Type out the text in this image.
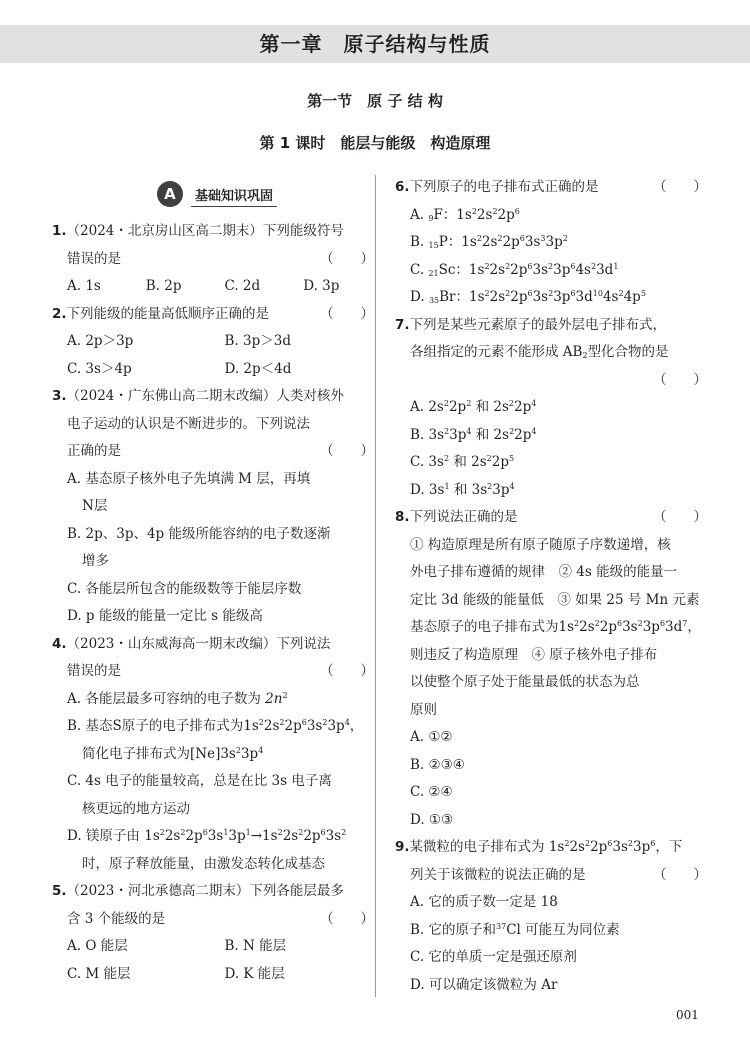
第一章　原子结构与性质
第一节　原 子 结 构
第 1 课时　能层与能级　构造原理
A	基础知识巩固
1.（2024・北京房山区高二期末）下列能级符号
错误的是	（　　）
A. 1s	B. 2p	C. 2d	D. 3p
2.下列能级的能量高低顺序正确的是	（　　）
A. 2p＞3p	B. 3p＞3d
C. 3s＞4p	D. 2p＜4d
3.（2024・广东佛山高二期末改编）人类对核外
电子运动的认识是不断进步的。下列说法
正确的是	（　　）
A. 基态原子核外电子先填满 M 层，再填
N层
B. 2p、3p、4p 能级所能容纳的电子数逐渐
增多
C. 各能层所包含的能级数等于能层序数
D. p 能级的能量一定比 s 能级高
4.（2023・山东威海高一期末改编）下列说法
错误的是	（　　）
A. 各能层最多可容纳的电子数为 $2n^2$
B. 基态S原子的电子排布式为$1s^22s^22p^63s^23p^4$，
简化电子排布式为$[Ne]3s^23p^4$
C. 4s 电子的能量较高，总是在比 3s 电子离
核更远的地方运动
D. 镁原子由 $1s^22s^22p^63s^13p^1\to 1s^22s^22p^63s^2$
时，原子释放能量，由激发态转化成基态
5.（2023・河北承德高二期末）下列各能层最多
含 3 个能级的是	（　　）
A. O 能层	B. N 能层
C. M 能层	D. K 能层
6.下列原子的电子排布式正确的是	（　　）
A. $_9$F：$1s^22s^22p^6$
B. $_{15}$P：$1s^22s^22p^63s^33p^2$
C. $_{21}$Sc：$1s^22s^22p^63s^23p^64s^23d^1$
D. $_{35}$Br：$1s^22s^22p^63s^23p^63d^{10}4s^24p^5$
7.下列是某些元素原子的最外层电子排布式，
各组指定的元素不能形成 $AB_2$型化合物的是
（　　）
A. $2s^22p^2$ 和 $2s^22p^4$
B. $3s^23p^4$ 和 $2s^22p^4$
C. $3s^2$ 和 $2s^22p^5$
D. $3s^1$ 和 $3s^23p^4$
8.下列说法正确的是	（　　）
① 构造原理是所有原子随原子序数递增，核
外电子排布遵循的规律　② 4s 能级的能量一
定比 3d 能级的能量低　③ 如果 25 号 Mn 元素
基态原子的电子排布式为$1s^22s^22p^63s^23p^63d^7$，
则违反了构造原理　④ 原子核外电子排布
以使整个原子处于能量最低的状态为总
原则
A. ①②
B. ②③④
C. ②④
D. ①③
9.某微粒的电子排布式为 $1s^22s^22p^63s^23p^6$，下
列关于该微粒的说法正确的是	（　　）
A. 它的质子数一定是 18
B. 它的原子和$^{37}$Cl 可能互为同位素
C. 它的单质一定是强还原剂
D. 可以确定该微粒为 Ar
001
